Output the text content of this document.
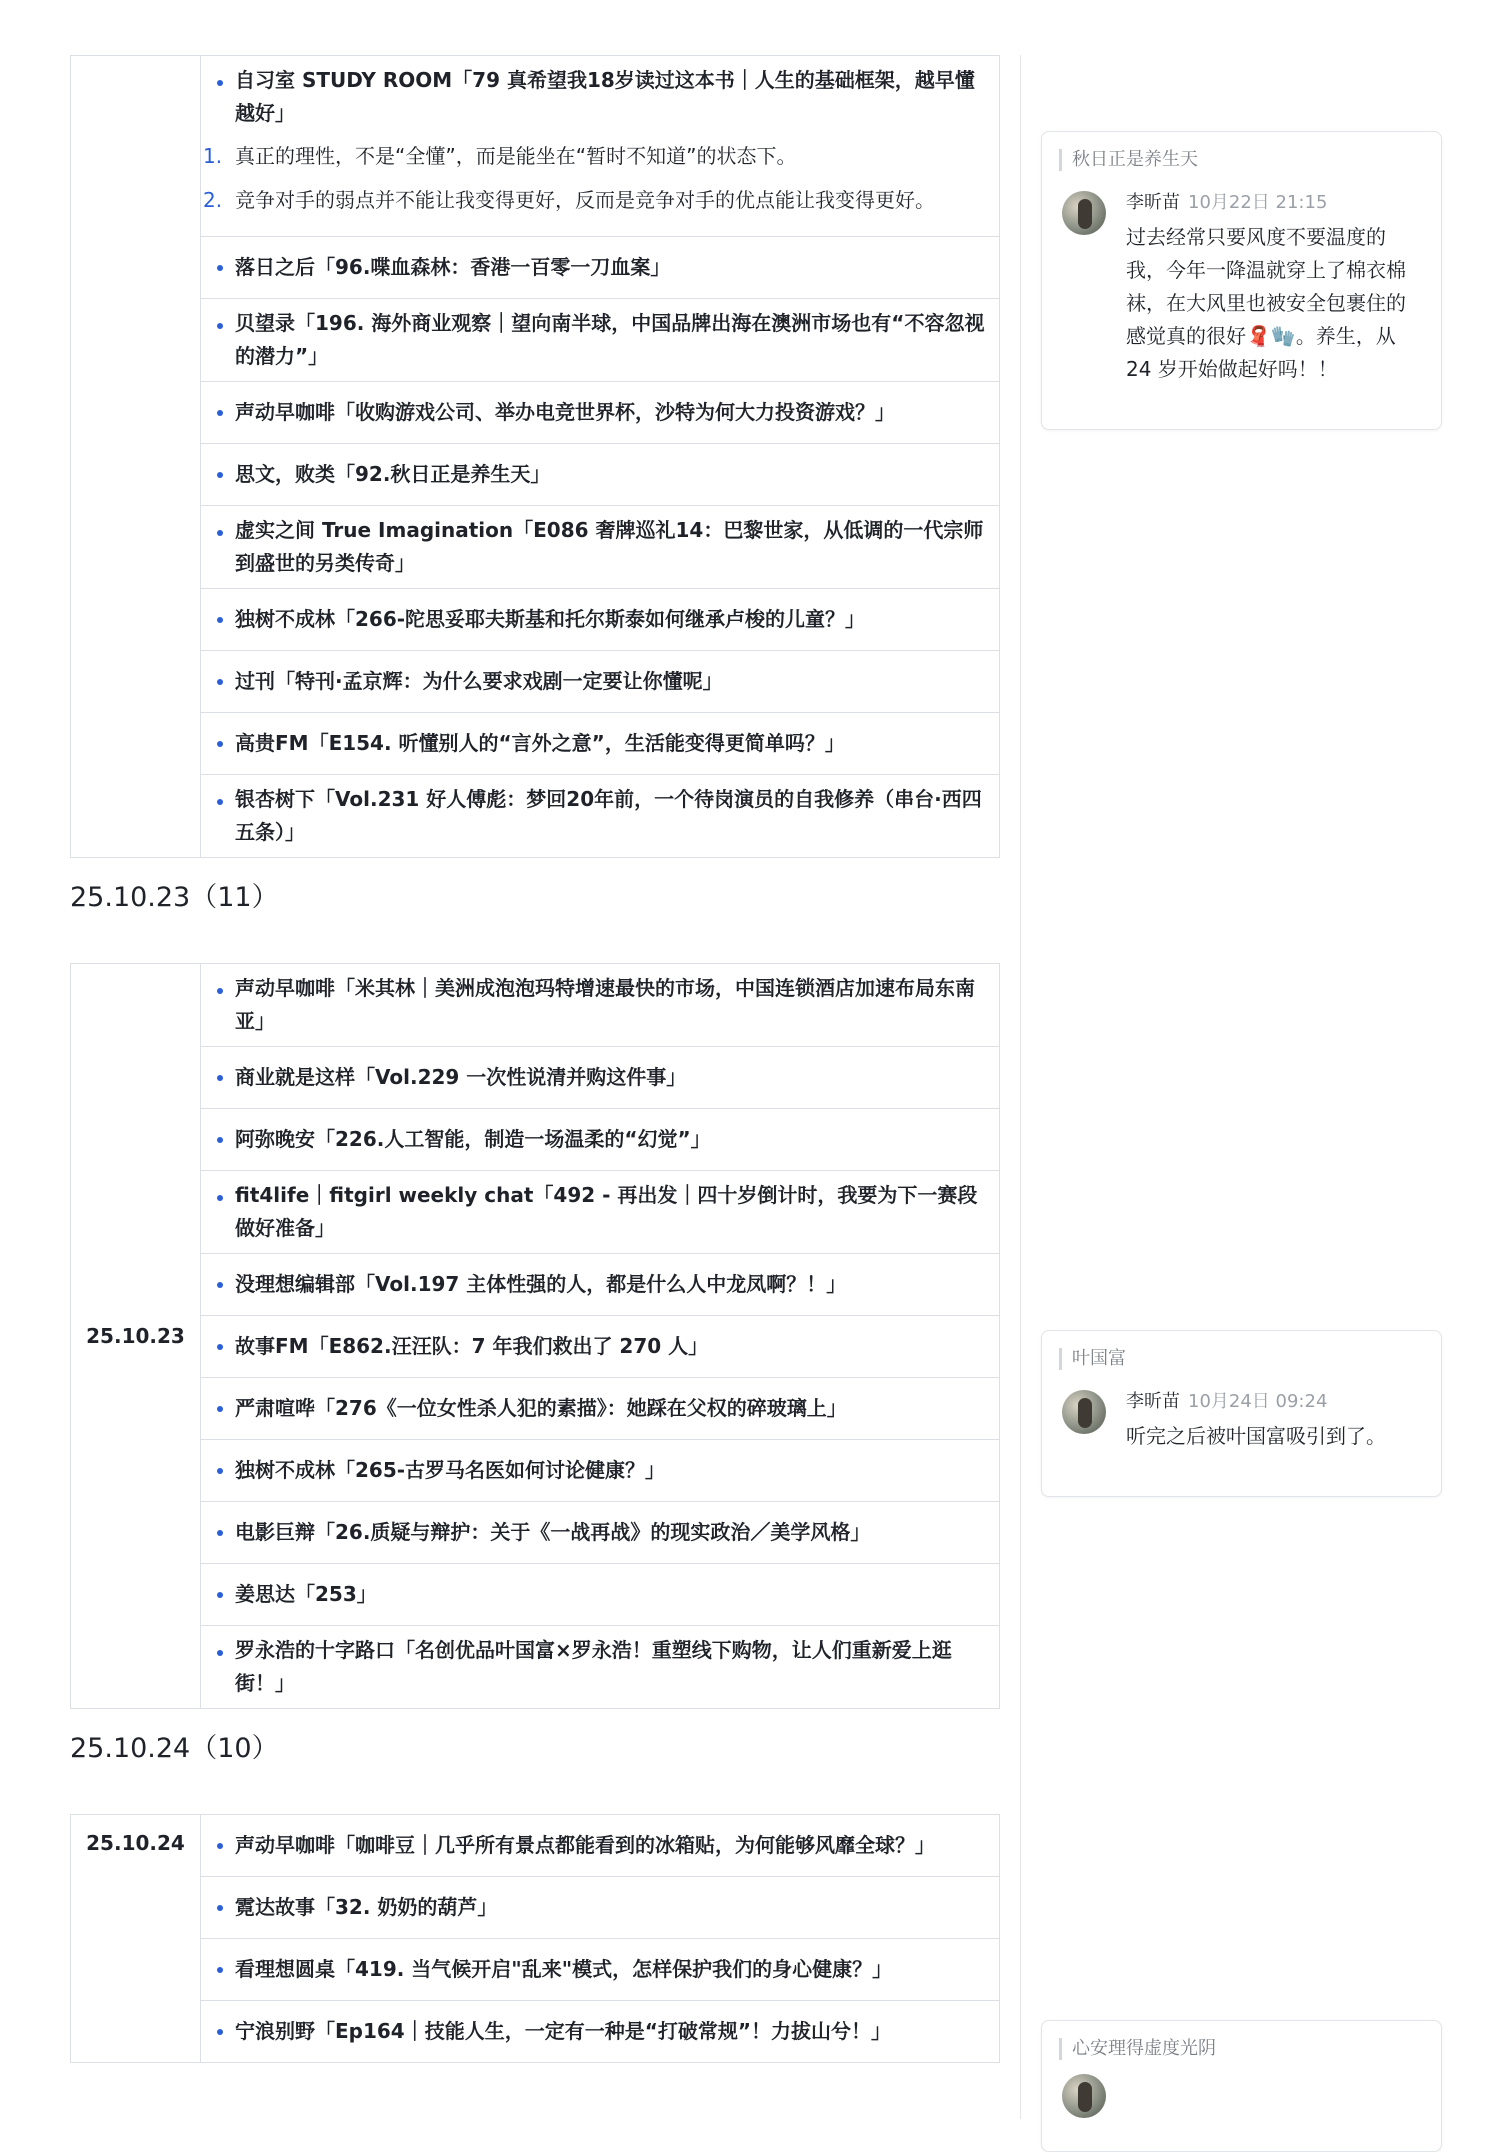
自习室 STUDY ROOM「79 真希望我18岁读过这本书｜人生的基础框架，越早懂越好」
1. 真正的理性，不是“全懂”，而是能坐在“暂时不知道”的状态下。
2. 竞争对手的弱点并不能让我变得更好，反而是竞争对手的优点能让我变得更好。

落日之后「96.喋血森林：香港一百零一刀血案」
贝望录「196. 海外商业观察｜望向南半球，中国品牌出海在澳洲市场也有“不容忽视的潜力”」
声动早咖啡「收购游戏公司、举办电竞世界杯，沙特为何大力投资游戏？」
思文，败类「92.秋日正是养生天」
虚实之间 True Imagination「E086 奢牌巡礼14：巴黎世家，从低调的一代宗师到盛世的另类传奇」
独树不成林「266-陀思妥耶夫斯基和托尔斯泰如何继承卢梭的儿童？」
过刊「特刊·孟京辉：为什么要求戏剧一定要让你懂呢」
高贵FM「E154. 听懂别人的“言外之意”，生活能变得更简单吗？」
银杏树下「Vol.231 好人傅彪：梦回20年前，一个待岗演员的自我修养（串台·西四五条）」
25.10.23（11）
25.10.23	声动早咖啡「米其林｜美洲成泡泡玛特增速最快的市场，中国连锁酒店加速布局东南亚」
商业就是这样「Vol.229 一次性说清并购这件事」
阿弥晚安「226.人工智能，制造一场温柔的“幻觉”」
fit4life｜fitgirl weekly chat「492 - 再出发｜四十岁倒计时，我要为下一赛段做好准备」
没理想编辑部「Vol.197 主体性强的人，都是什么人中龙凤啊？！」
故事FM「E862.汪汪队：7 年我们救出了 270 人」
严肃喧哗「276《一位女性杀人犯的素描》：她踩在父权的碎玻璃上」
独树不成林「265-古罗马名医如何讨论健康？」
电影巨辩「26.质疑与辩护：关于《一战再战》的现实政治／美学风格」
姜思达「253」
罗永浩的十字路口「名创优品叶国富×罗永浩！重塑线下购物，让人们重新爱上逛街！」
25.10.24（10）
25.10.24	声动早咖啡「咖啡豆｜几乎所有景点都能看到的冰箱贴，为何能够风靡全球？」
霓达故事「32. 奶奶的葫芦」
看理想圆桌「419. 当气候开启"乱来"模式，怎样保护我们的身心健康？」
宁浪别野「Ep164｜技能人生，一定有一种是“打破常规”！力拔山兮！」
秋日正是养生天
李昕苗 10月22日 21:15
过去经常只要风度不要温度的我，今年一降温就穿上了棉衣棉袜，在大风里也被安全包裹住的感觉真的很好🧣🧤。养生，从24 岁开始做起好吗！！
叶国富
李昕苗 10月24日 09:24
听完之后被叶国富吸引到了。
心安理得虚度光阴
